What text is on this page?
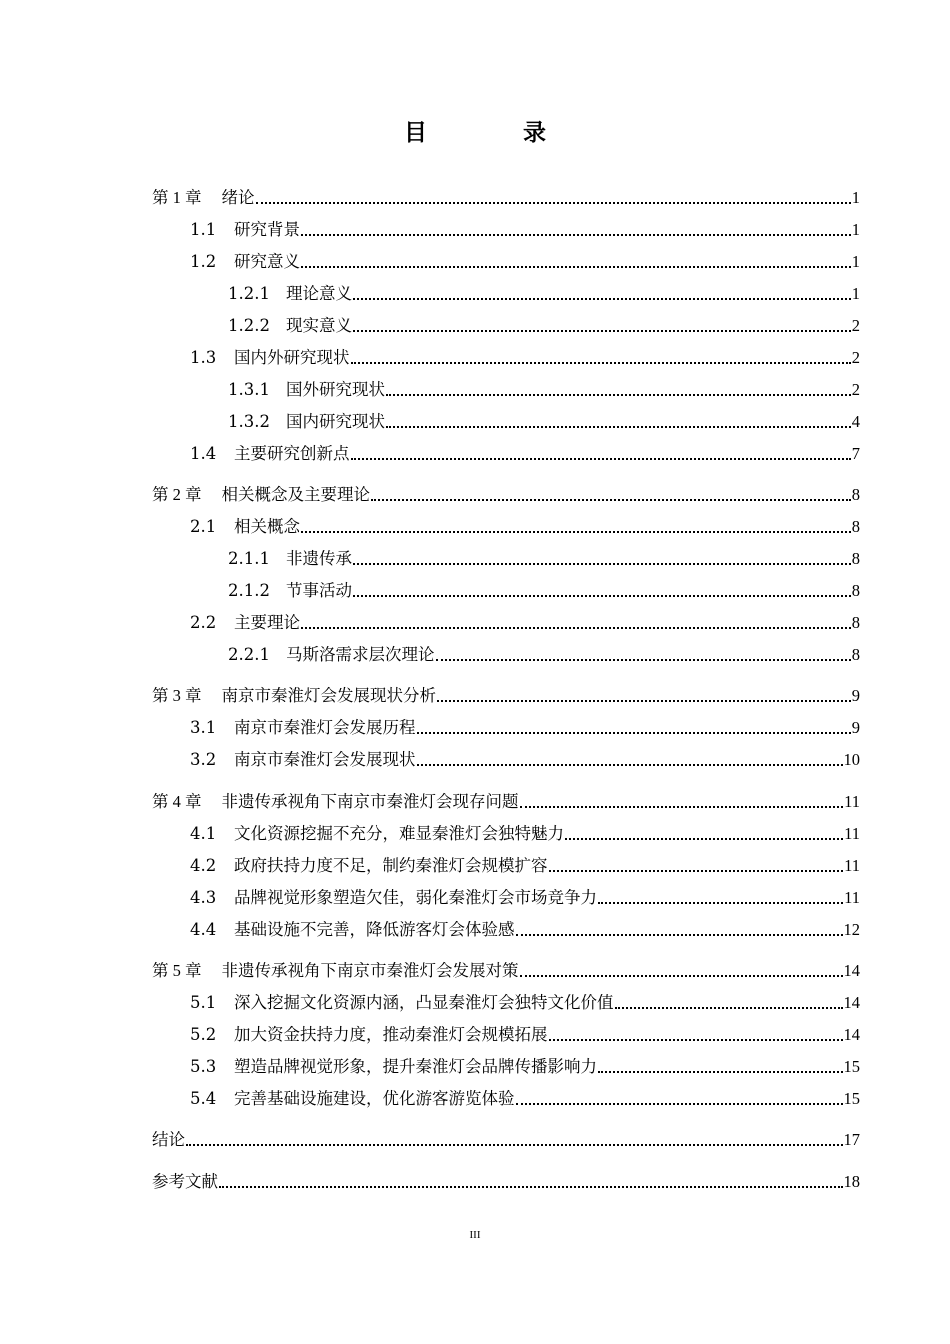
目 录
第 1 章 绪论	1
1.1	研究背景	1
1.2	研究意义	1
1.2.1 理论意义	1
1.2.2 现实意义	2
1.3	国内外研究现状	2
1.3.1 国外研究现状	2
1.3.2 国内研究现状	4
1.4	主要研究创新点	7
第 2 章 相关概念及主要理论	8
2.1	相关概念	8
2.1.1 非遗传承	8
2.1.2 节事活动	8
2.2	主要理论	8
2.2.1 马斯洛需求层次理论	8
第 3 章 南京市秦淮灯会发展现状分析	9
3.1	南京市秦淮灯会发展历程	9
3.2	南京市秦淮灯会发展现状	10
第 4 章 非遗传承视角下南京市秦淮灯会现存问题	11
4.1	文化资源挖掘不充分，难显秦淮灯会独特魅力	11
4.2	政府扶持力度不足，制约秦淮灯会规模扩容	11
4.3	品牌视觉形象塑造欠佳，弱化秦淮灯会市场竞争力	11
4.4	基础设施不完善，降低游客灯会体验感	12
第 5 章 非遗传承视角下南京市秦淮灯会发展对策	14
5.1	深入挖掘文化资源内涵，凸显秦淮灯会独特文化价值	14
5.2	加大资金扶持力度，推动秦淮灯会规模拓展	14
5.3	塑造品牌视觉形象，提升秦淮灯会品牌传播影响力	15
5.4	完善基础设施建设，优化游客游览体验	15
结论	17
参考文献	18
III
